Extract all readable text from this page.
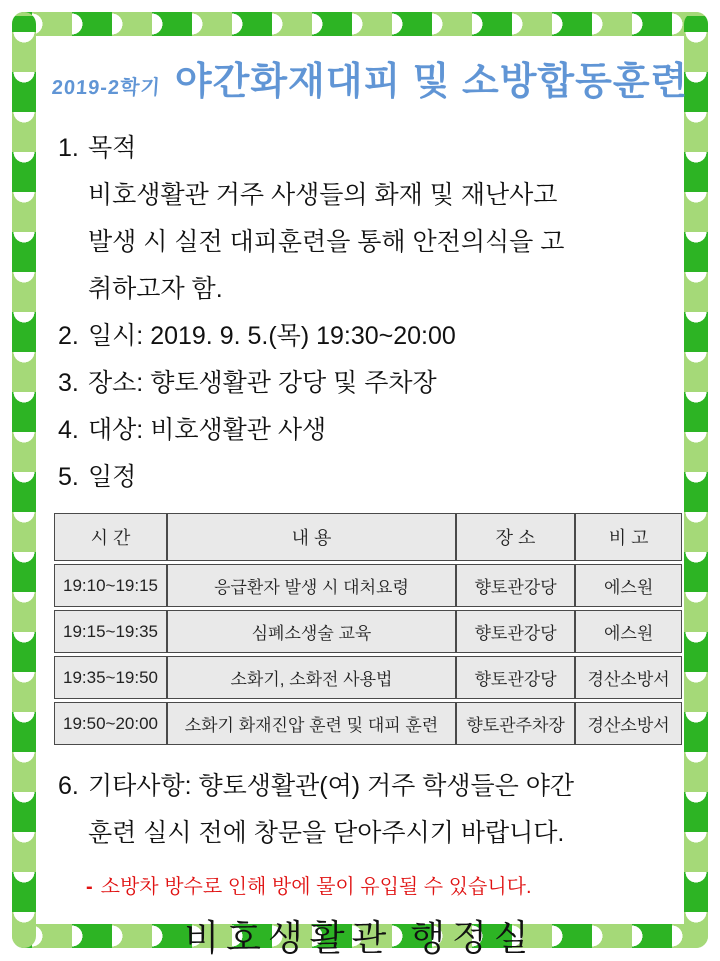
2019-2학기 야간화재대피 및 소방합동훈련
1. 목적
비호생활관 거주 사생들의 화재 및 재난사고
발생 시 실전 대피훈련을 통해 안전의식을 고
취하고자 함.
2. 일시: 2019. 9. 5.(목) 19:30~20:00
3. 장소: 향토생활관 강당 및 주차장
4. 대상: 비호생활관 사생
5. 일정
시 간	내 용	장 소	비 고
19:10~19:15	응급환자 발생 시 대처요령	향토관강당	에스원
19:15~19:35	심폐소생술 교육	향토관강당	에스원
19:35~19:50	소화기, 소화전 사용법	향토관강당	경산소방서
19:50~20:00	소화기 화재진압 훈련 및 대피 훈련	향토관주차장	경산소방서
6. 기타사항: 향토생활관(여) 거주 학생들은 야간
훈련 실시 전에 창문을 닫아주시기 바랍니다.
- 소방차 방수로 인해 방에 물이 유입될 수 있습니다.
비호생활관 행정실
